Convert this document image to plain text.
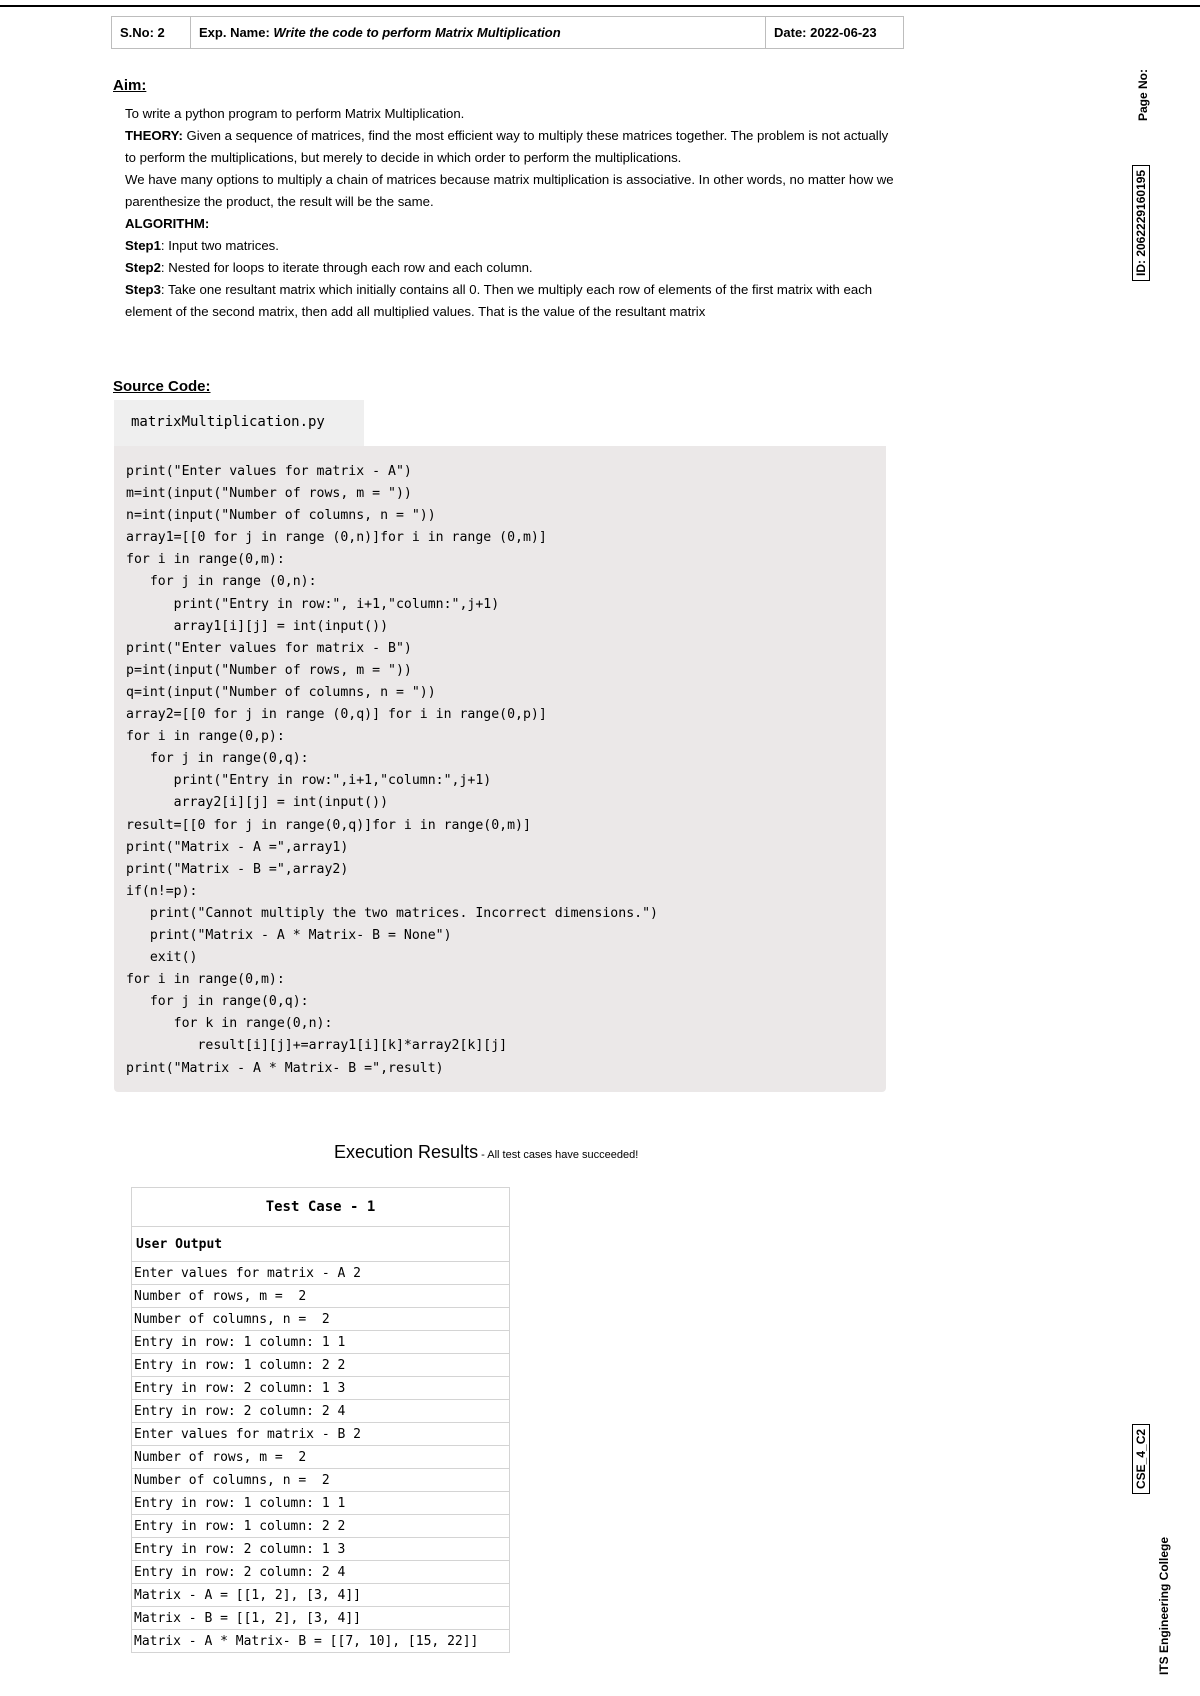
S.No: 2	Exp. Name: Write the code to perform Matrix Multiplication	Date: 2022-06-23
Aim:

To write a python program to perform Matrix Multiplication.

THEORY: Given a sequence of matrices, find the most efficient way to multiply these matrices together. The problem is not actually to perform the multiplications, but merely to decide in which order to perform the multiplications.

We have many options to multiply a chain of matrices because matrix multiplication is associative. In other words, no matter how we parenthesize the product, the result will be the same.

ALGORITHM:

Step1: Input two matrices.

Step2: Nested for loops to iterate through each row and each column.

Step3: Take one resultant matrix which initially contains all 0. Then we multiply each row of elements of the first matrix with each element of the second matrix, then add all multiplied values. That is the value of the resultant matrix

Source Code:
matrixMultiplication.py
print("Enter values for matrix - A")
m=int(input("Number of rows, m = "))
n=int(input("Number of columns, n = "))
array1=[[0 for j in range (0,n)]for i in range (0,m)]
for i in range(0,m):
for j in range (0,n):
print("Entry in row:", i+1,"column:",j+1)
array1[i][j] = int(input())
print("Enter values for matrix - B")
p=int(input("Number of rows, m = "))
q=int(input("Number of columns, n = "))
array2=[[0 for j in range (0,q)] for i in range(0,p)]
for i in range(0,p):
for j in range(0,q):
print("Entry in row:",i+1,"column:",j+1)
array2[i][j] = int(input())
result=[[0 for j in range(0,q)]for i in range(0,m)]
print("Matrix - A =",array1)
print("Matrix - B =",array2)
if(n!=p):
print("Cannot multiply the two matrices. Incorrect dimensions.")
print("Matrix - A * Matrix- B = None")
exit()
for i in range(0,m):
for j in range(0,q):
for k in range(0,n):
result[i][j]+=array1[i][k]*array2[k][j]
print("Matrix - A * Matrix- B =",result)
Execution Results - All test cases have succeeded!
Test Case - 1
User Output
Enter values for matrix - A 2
Number of rows, m =  2
Number of columns, n =  2
Entry in row: 1 column: 1 1
Entry in row: 1 column: 2 2
Entry in row: 2 column: 1 3
Entry in row: 2 column: 2 4
Enter values for matrix - B 2
Number of rows, m =  2
Number of columns, n =  2
Entry in row: 1 column: 1 1
Entry in row: 1 column: 2 2
Entry in row: 2 column: 1 3
Entry in row: 2 column: 2 4
Matrix - A = [[1, 2], [3, 4]]
Matrix - B = [[1, 2], [3, 4]]
Matrix - A * Matrix- B = [[7, 10], [15, 22]]
Page No:
ID: 2062229160195
CSE_4_C2
ITS Engineering College
